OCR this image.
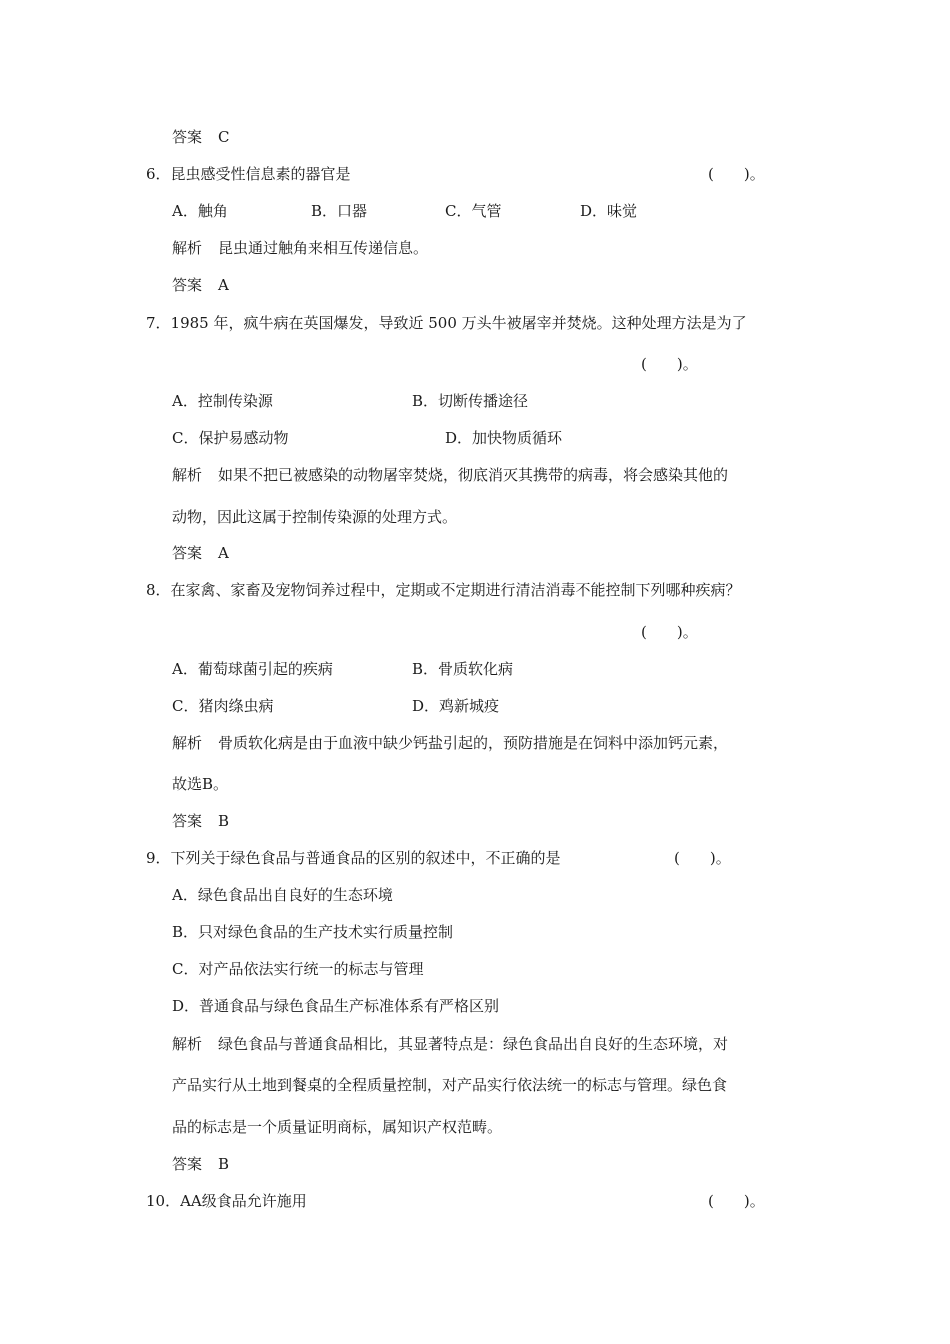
答案 C
6．昆虫感受性信息素的器官是	(　　)。
A．触角	B．口器	C．气管	D．味觉
解析 昆虫通过触角来相互传递信息。
答案 A
7．1985 年，疯牛病在英国爆发，导致近 500 万头牛被屠宰并焚烧。这种处理方法是为了
(　　)。
A．控制传染源	B．切断传播途径
C．保护易感动物	D．加快物质循环
解析 如果不把已被感染的动物屠宰焚烧，彻底消灭其携带的病毒，将会感染其他的
动物，因此这属于控制传染源的处理方式。
答案 A
8．在家禽、家畜及宠物饲养过程中，定期或不定期进行清洁消毒不能控制下列哪种疾病？
(　　)。
A．葡萄球菌引起的疾病	B．骨质软化病
C．猪肉绦虫病	D．鸡新城疫
解析 骨质软化病是由于血液中缺少钙盐引起的，预防措施是在饲料中添加钙元素，
故选B。
答案 B
9．下列关于绿色食品与普通食品的区别的叙述中，不正确的是	(　　)。
A．绿色食品出自良好的生态环境
B．只对绿色食品的生产技术实行质量控制
C．对产品依法实行统一的标志与管理
D．普通食品与绿色食品生产标准体系有严格区别
解析 绿色食品与普通食品相比，其显著特点是：绿色食品出自良好的生态环境，对
产品实行从土地到餐桌的全程质量控制，对产品实行依法统一的标志与管理。绿色食
品的标志是一个质量证明商标，属知识产权范畴。
答案 B
10．AA级食品允许施用	(　　)。
